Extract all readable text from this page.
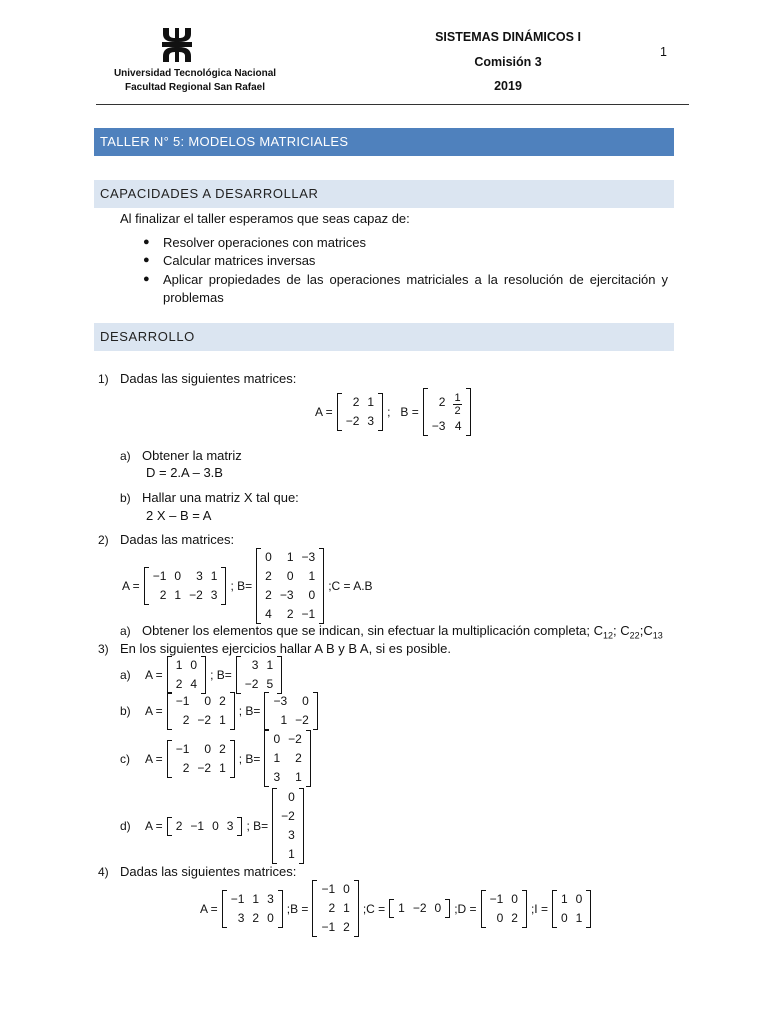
Universidad Tecnológica Nacional
Facultad Regional San Rafael
SISTEMAS DINÁMICOS I
Comisión 3
2019
1
TALLER N° 5: MODELOS MATRICIALES
CAPACIDADES A DESARROLLAR
Al finalizar el taller esperamos que seas capaz de:
● Resolver operaciones con matrices
● Calcular matrices inversas
● Aplicar propiedades de las operaciones matriciales a la resolución de ejercitación y
problemas
DESARROLLO
1) Dadas las siguientes matrices:
A =
2	1
−2	3
;   B =
2	$\frac{1}{2}$

−3	4
a) Obtener la matriz
D = 2.A – 3.B
b) Hallar una matriz X tal que:
2 X – B = A
2) Dadas las matrices:
A =
−1	0	3	1
2	1	−2	3
; B=
0	1	−3
2	0	1
2	−3	0
4	2	−1
;C = A.B
a) Obtener los elementos que se indican, sin efectuar la multiplicación completa; $C_{12}$; $C_{22};C_{13}$
3) En los siguientes ejercicios hallar A B y B A, si es posible.
a)	A =
1	0
2	4
; B=
3	1
−2	5
b)	A =
−1	0	2
2	−2	1
; B=
−3	0
1	−2
c)	A =
−1	0	2
2	−2	1
; B=
0	−2
1	2
3	1
d)	A = 2	−1	0	3 ; B=
0
−2
3
1
4) Dadas las siguientes matrices:
A =
−1	1	3
3	2	0
;B =
−1	0
2	1
−1	2
;C = 1	−2	0 ;D =
−1	0
0	2
;I =
1	0
0	1
